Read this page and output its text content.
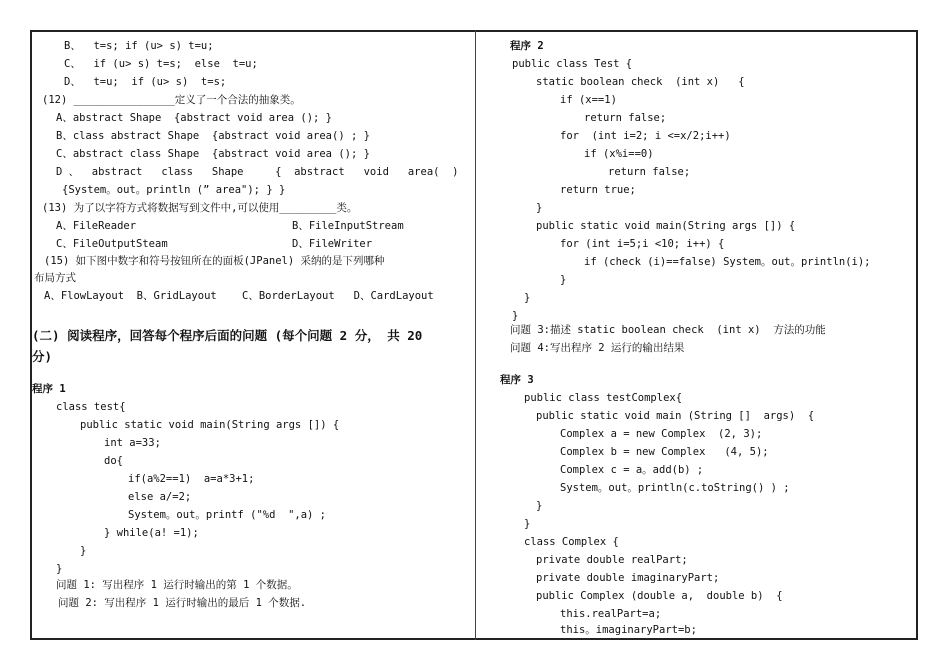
B、  t=s; if (u> s) t=u;
C、  if (u> s) t=s;  else  t=u;
D、  t=u;  if (u> s)  t=s;
(12) ________________定义了一个合法的抽象类。
A、abstract Shape  {abstract void area (); }
B、class abstract Shape  {abstract void area() ; }
C、abstract class Shape  {abstract void area (); }
D 、  abstract   class   Shape     {  abstract   void   area(  )
{System。out。println (” area"); } }
(13) 为了以字符方式将数据写到文件中,可以使用_________类。
A、FileReader	B、FileInputStream
C、FileOutputSteam	D、FileWriter
(15) 如下图中数字和符号按钮所在的面板(JPanel) 采纳的是下列哪种
布局方式
A、FlowLayout  B、GridLayout    C、BorderLayout   D、CardLayout
(二) 阅读程序，回答每个程序后面的问题 (每个问题 2 分， 共 20
分)
程序 1
class test{
public static void main(String args []) {
int a=33;
do{
if(a%2==1)  a=a*3+1;
else a/=2;
System。out。printf ("%d  ",a) ;
} while(a! =1);
}
}
问题 1: 写出程序 1 运行时输出的第 1 个数据。
问题 2: 写出程序 1 运行时输出的最后 1 个数据.
程序 2
public class Test {
static boolean check  (int x)   {
if (x==1)
return false;
for  (int i=2; i <=x/2;i++)
if (x%i==0)
return false;
return true;
}
public static void main(String args []) {
for (int i=5;i <10; i++) {
if (check (i)==false) System。out。println(i);
}
}
}
问题 3:描述 static boolean check  (int x)  方法的功能
问题 4:写出程序 2 运行的输出结果
程序 3
public class testComplex{
public static void main (String []  args)  {
Complex a = new Complex  (2, 3);
Complex b = new Complex   (4, 5);
Complex c = a。add(b) ;
System。out。println(c.toString() ) ;
}
}
class Complex {
private double realPart;
private double imaginaryPart;
public Complex (double a,  double b)  {
this.realPart=a;
this。imaginaryPart=b;
